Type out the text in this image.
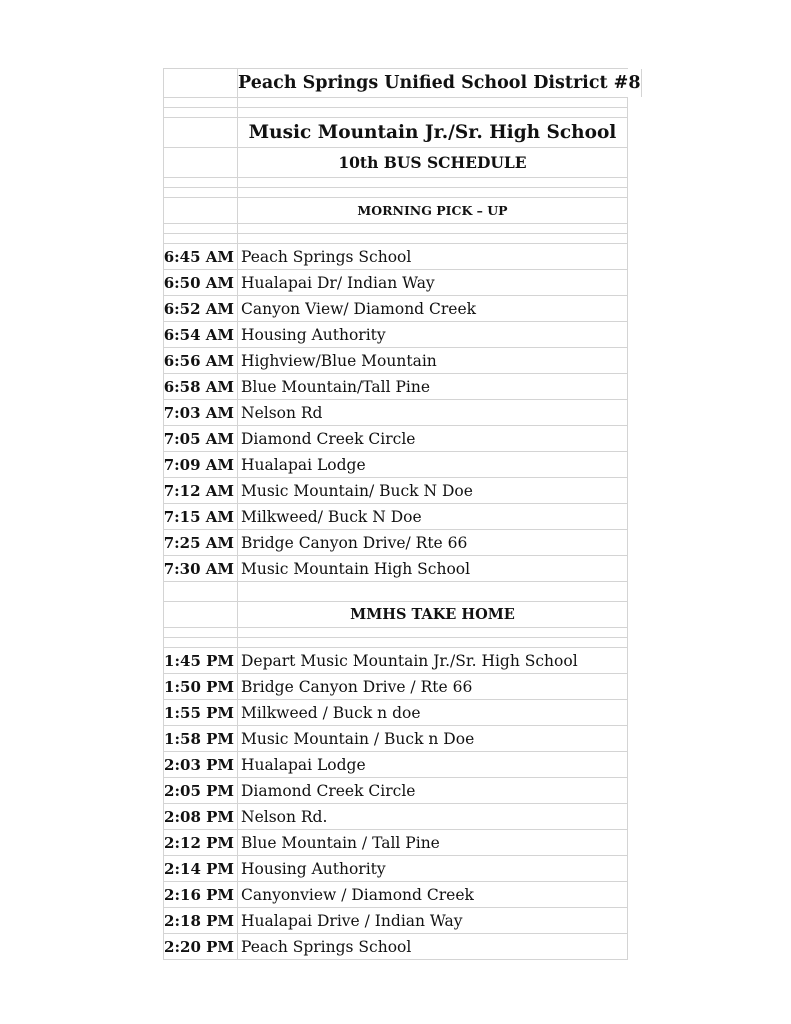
Peach Springs Unified School District #8
Music Mountain Jr./Sr. High School
10th BUS SCHEDULE
MORNING PICK – UP
6:45 AM Peach Springs School
6:50 AM Hualapai Dr/ Indian Way
6:52 AM Canyon View/ Diamond Creek
6:54 AM Housing Authority
6:56 AM Highview/Blue Mountain
6:58 AM Blue Mountain/Tall Pine
7:03 AM Nelson Rd
7:05 AM Diamond Creek Circle
7:09 AM Hualapai Lodge
7:12 AM Music Mountain/ Buck N Doe
7:15 AM Milkweed/ Buck N Doe
7:25 AM Bridge Canyon Drive/ Rte 66
7:30 AM Music Mountain High School
MMHS TAKE HOME
1:45 PM Depart Music Mountain Jr./Sr. High School
1:50 PM Bridge Canyon Drive / Rte 66
1:55 PM Milkweed / Buck n doe
1:58 PM Music Mountain / Buck n Doe
2:03 PM Hualapai Lodge
2:05 PM Diamond Creek Circle
2:08 PM Nelson Rd.
2:12 PM Blue Mountain / Tall Pine
2:14 PM Housing Authority
2:16 PM Canyonview / Diamond Creek
2:18 PM Hualapai Drive / Indian Way
2:20 PM Peach Springs School
